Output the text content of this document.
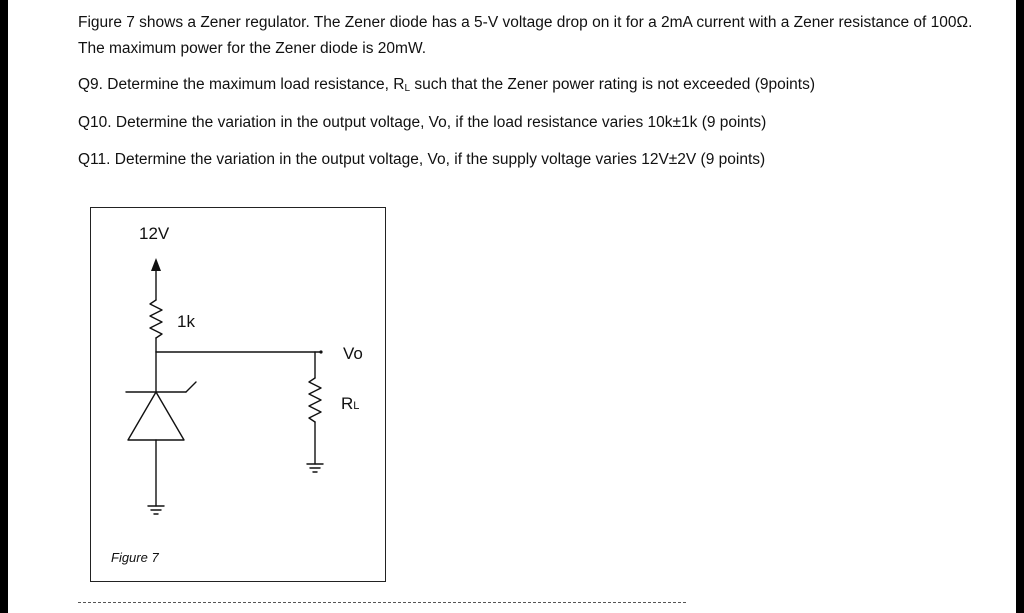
Figure 7 shows a Zener regulator. The Zener diode has a 5-V voltage drop on it for a 2mA current with a Zener resistance of 100Ω. The maximum power for the Zener diode is 20mW.

Q9. Determine the maximum load resistance, $R_L$ such that the Zener power rating is not exceeded (9points)

Q10. Determine the variation in the output voltage, Vo, if the load resistance varies 10k±1k (9 points)

Q11. Determine the variation in the output voltage, Vo, if the supply voltage varies 12V±2V (9 points)

12V
1k
Vo
RL
Figure 7
